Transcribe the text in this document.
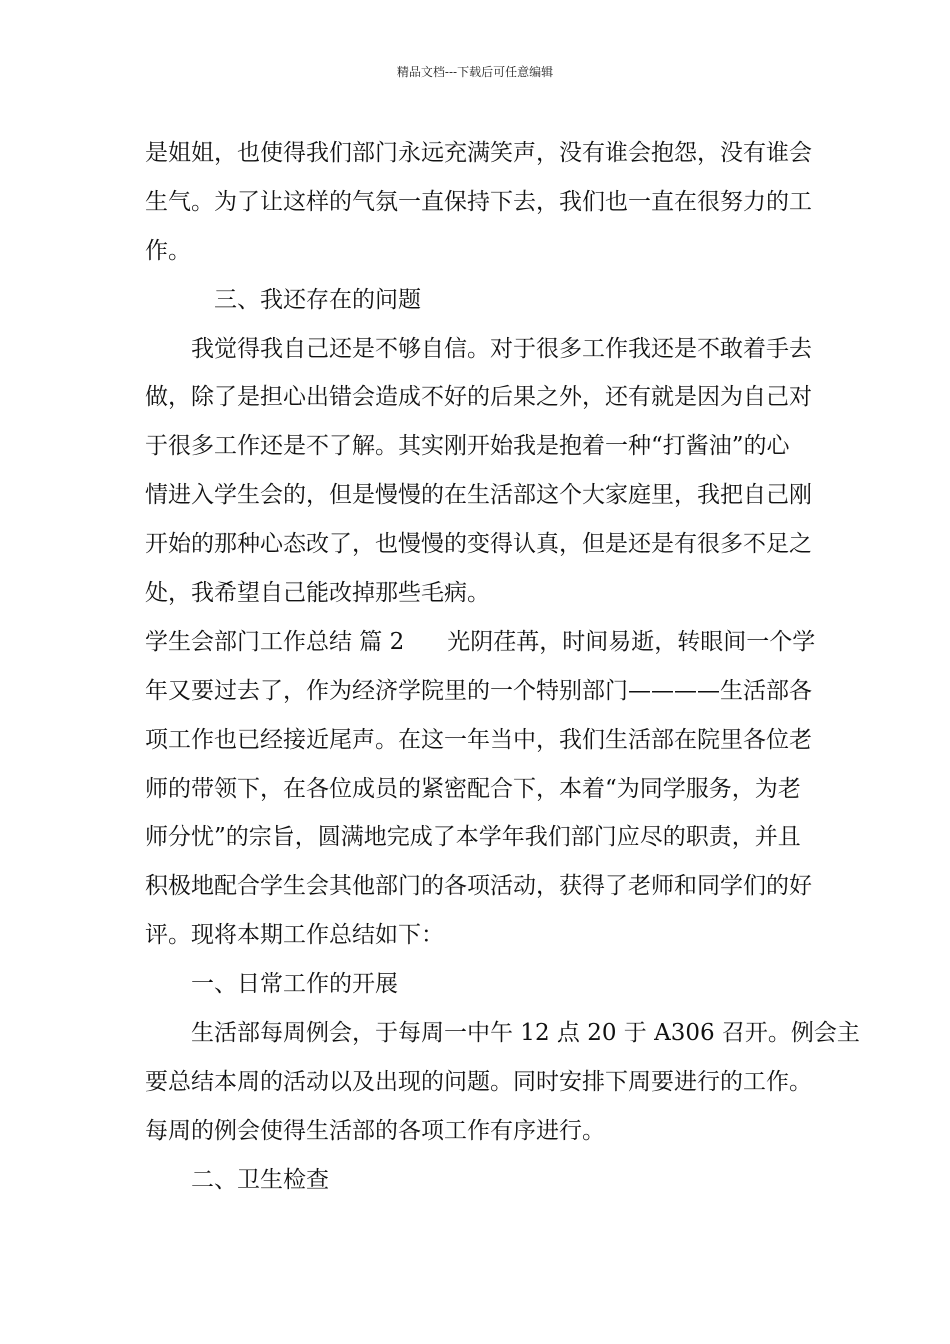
精品文档---下载后可任意编辑
是姐姐，也使得我们部门永远充满笑声，没有谁会抱怨，没有谁会
生气。为了让这样的气氛一直保持下去，我们也一直在很努力的工
作。
三、我还存在的问题
我觉得我自己还是不够自信。对于很多工作我还是不敢着手去
做，除了是担心出错会造成不好的后果之外，还有就是因为自己对
于很多工作还是不了解。其实刚开始我是抱着一种“打酱油”的心
情进入学生会的，但是慢慢的在生活部这个大家庭里，我把自己刚
开始的那种心态改了，也慢慢的变得认真，但是还是有很多不足之
处，我希望自己能改掉那些毛病。
学生会部门工作总结 篇 2 光阴荏苒，时间易逝，转眼间一个学
年又要过去了，作为经济学院里的一个特别部门————生活部各
项工作也已经接近尾声。在这一年当中，我们生活部在院里各位老
师的带领下，在各位成员的紧密配合下，本着“为同学服务，为老
师分忧”的宗旨，圆满地完成了本学年我们部门应尽的职责，并且
积极地配合学生会其他部门的各项活动，获得了老师和同学们的好
评。现将本期工作总结如下：
一、日常工作的开展
生活部每周例会，于每周一中午 12 点 20 于 A306 召开。例会主
要总结本周的活动以及出现的问题。同时安排下周要进行的工作。
每周的例会使得生活部的各项工作有序进行。
二、卫生检查
